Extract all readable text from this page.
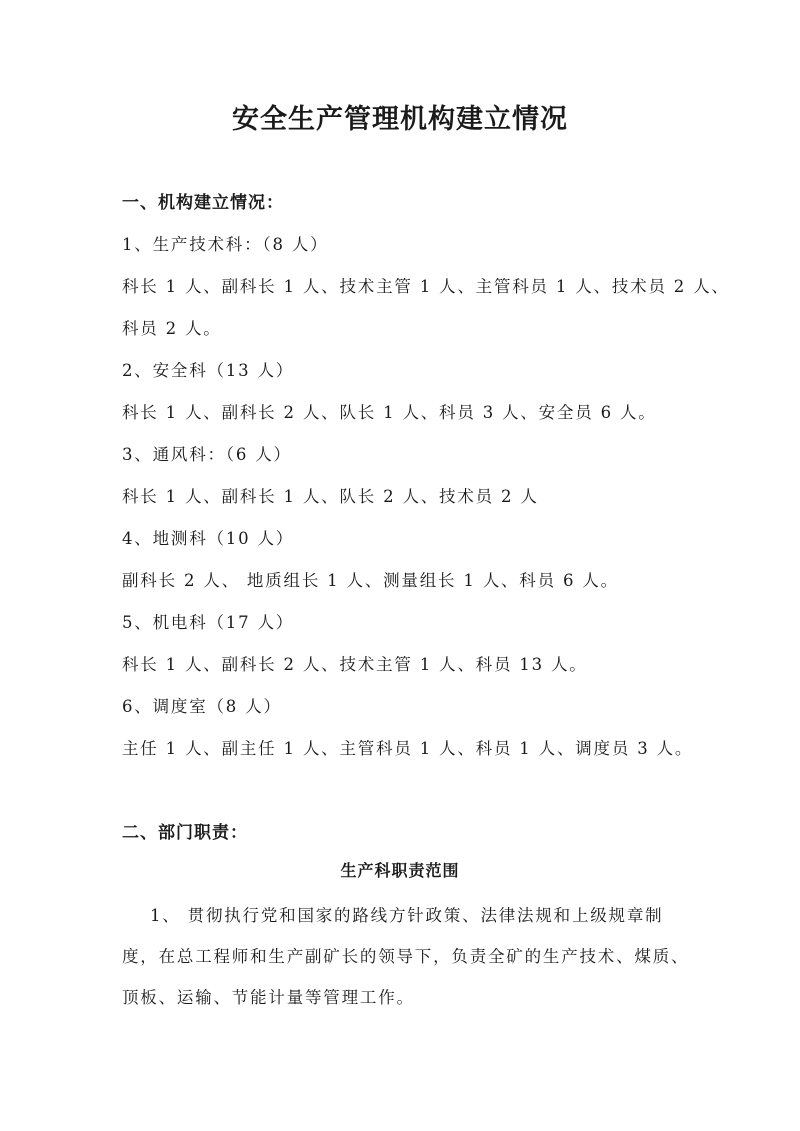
安全生产管理机构建立情况
一、机构建立情况：

1、生产技术科：（8 人）

科长 1 人、副科长 1 人、技术主管 1 人、主管科员 1 人、技术员 2 人、

科员 2 人。

2、安全科（13 人）

科长 1 人、副科长 2 人、队长 1 人、科员 3 人、安全员 6 人。

3、通风科：（6 人）

科长 1 人、副科长 1 人、队长 2 人、技术员 2 人

4、地测科（10 人）

副科长 2 人、 地质组长 1 人、测量组长 1 人、科员 6 人。

5、机电科（17 人）

科长 1 人、副科长 2 人、技术主管 1 人、科员 13 人。

6、调度室（8 人）

主任 1 人、副主任 1 人、主管科员 1 人、科员 1 人、调度员 3 人。

二、部门职责：
生产科职责范围

1、 贯彻执行党和国家的路线方针政策、法律法规和上级规章制

度，在总工程师和生产副矿长的领导下，负责全矿的生产技术、煤质、

顶板、运输、节能计量等管理工作。
